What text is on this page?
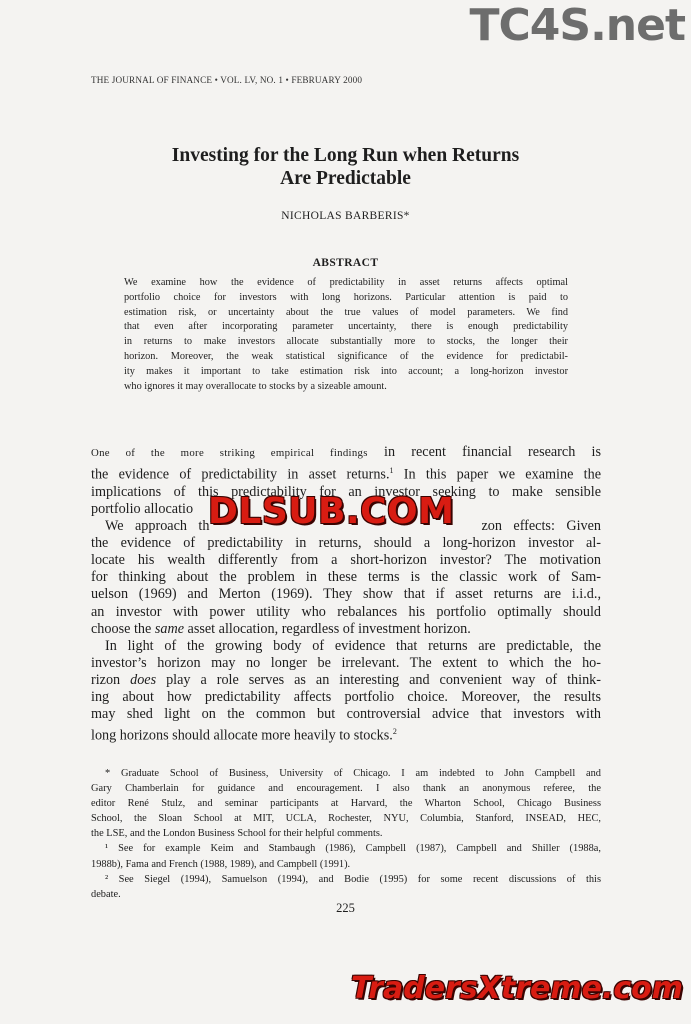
TC4S.net
THE JOURNAL OF FINANCE • VOL. LV, NO. 1 • FEBRUARY 2000
Investing for the Long Run when Returns
Are Predictable
NICHOLAS BARBERIS*
ABSTRACT
We examine how the evidence of predictability in asset returns affects optimal
portfolio choice for investors with long horizons. Particular attention is paid to
estimation risk, or uncertainty about the true values of model parameters. We find
that even after incorporating parameter uncertainty, there is enough predictability
in returns to make investors allocate substantially more to stocks, the longer their
horizon. Moreover, the weak statistical significance of the evidence for predictabil-
ity makes it important to take estimation risk into account; a long-horizon investor
who ignores it may overallocate to stocks by a sizeable amount.
One of the more striking empirical findings in recent financial research is
the evidence of predictability in asset returns.$^1$ In this paper we examine the
implications of this predictability for an investor seeking to make sensible
portfolio allocatio
We approach th	zon effects: Given
the evidence of predictability in returns, should a long-horizon investor al-
locate his wealth differently from a short-horizon investor? The motivation
for thinking about the problem in these terms is the classic work of Sam-
uelson (1969) and Merton (1969). They show that if asset returns are i.i.d.,
an investor with power utility who rebalances his portfolio optimally should
choose the same asset allocation, regardless of investment horizon.
In light of the growing body of evidence that returns are predictable, the
investor’s horizon may no longer be irrelevant. The extent to which the ho-
rizon does play a role serves as an interesting and convenient way of think-
ing about how predictability affects portfolio choice. Moreover, the results
may shed light on the common but controversial advice that investors with
long horizons should allocate more heavily to stocks.$^2$
* Graduate School of Business, University of Chicago. I am indebted to John Campbell and
Gary Chamberlain for guidance and encouragement. I also thank an anonymous referee, the
editor René Stulz, and seminar participants at Harvard, the Wharton School, Chicago Business
School, the Sloan School at MIT, UCLA, Rochester, NYU, Columbia, Stanford, INSEAD, HEC,
the LSE, and the London Business School for their helpful comments.
¹ See for example Keim and Stambaugh (1986), Campbell (1987), Campbell and Shiller (1988a,
1988b), Fama and French (1988, 1989), and Campbell (1991).
² See Siegel (1994), Samuelson (1994), and Bodie (1995) for some recent discussions of this
debate.
225
DLSUB.COM
TradersXtreme.com
